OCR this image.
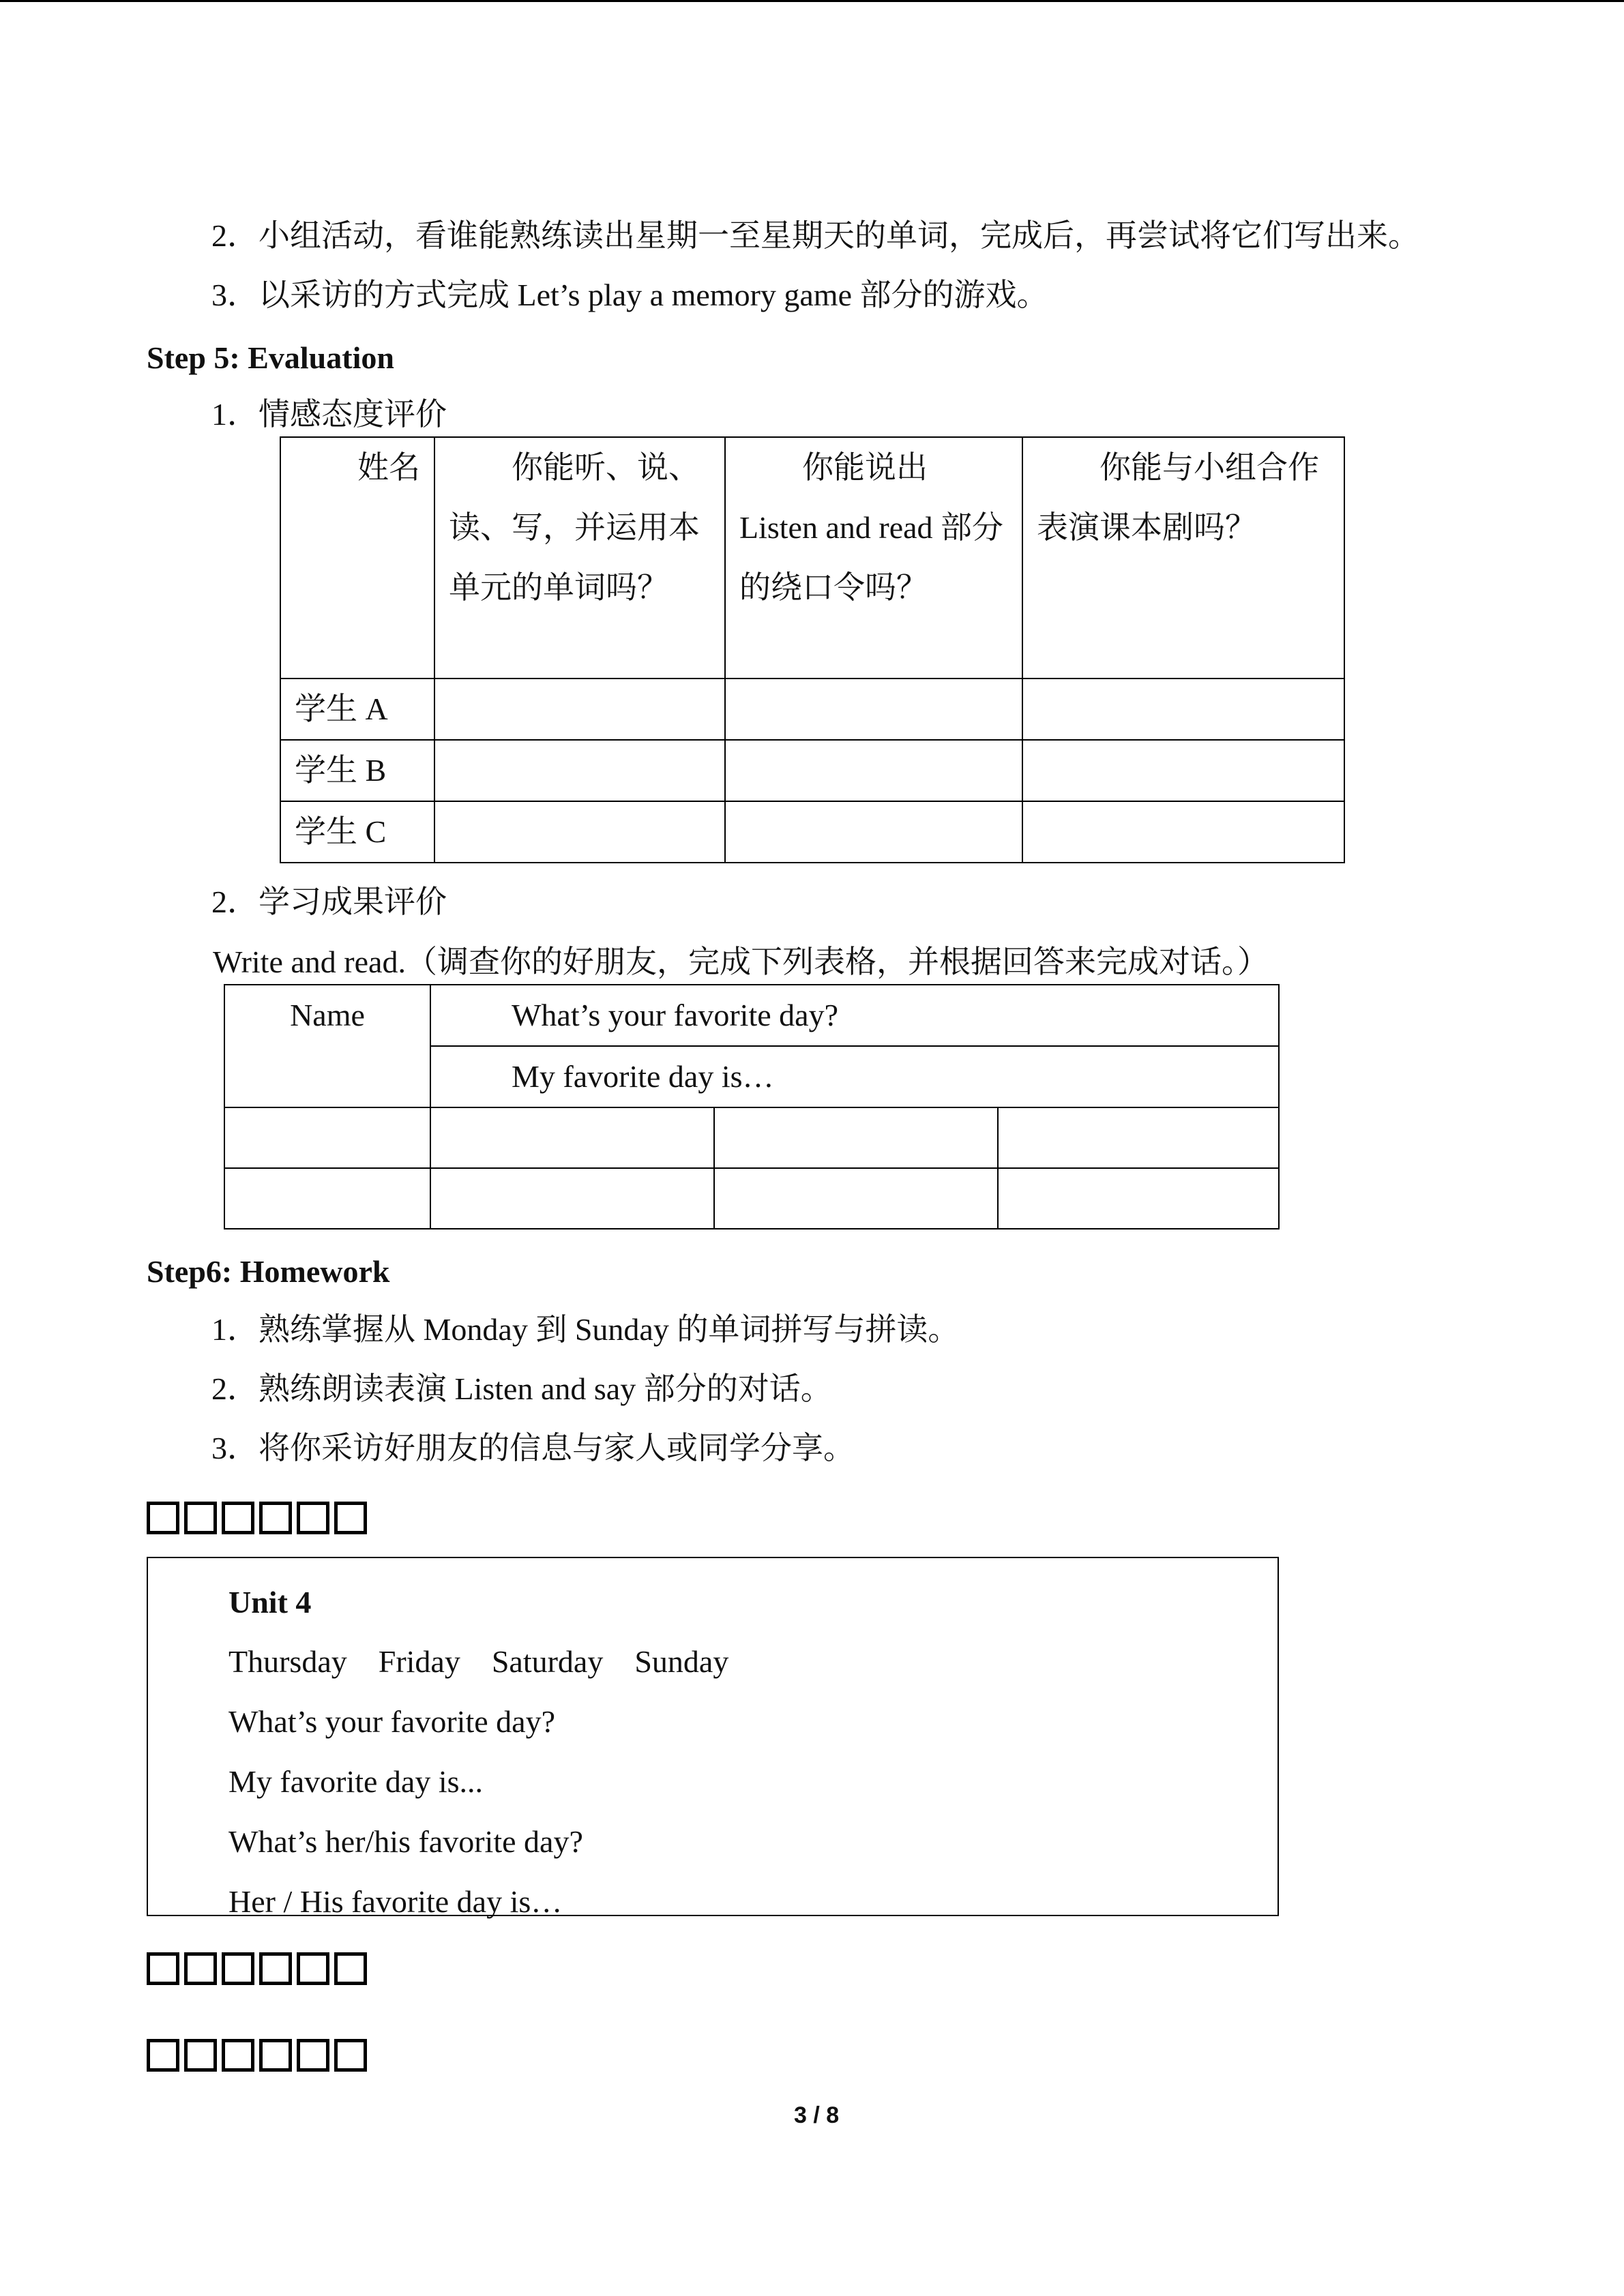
2．小组活动，看谁能熟练读出星期一至星期天的单词，完成后，再尝试将它们写出来。
3．以采访的方式完成 Let’s play a memory game 部分的游戏。
Step 5: Evaluation
1．情感态度评价
姓名	你能听、说、读、写，并运用本单元的单词吗？	你能说出 Listen and read 部分的绕口令吗？	你能与小组合作表演课本剧吗？

学生 A			
学生 B			
学生 C			
2．学习成果评价
Write and read.（调查你的好朋友，完成下列表格，并根据回答来完成对话。）
Name	What’s your favorite day?		
	My favorite day is…		

Step6: Homework
1．熟练掌握从 Monday 到 Sunday 的单词拼写与拼读。
2．熟练朗读表演 Listen and say 部分的对话。
3．将你采访好朋友的信息与家人或同学分享。
Unit 4
Thursday    Friday    Saturday    Sunday
What’s your favorite day?
My favorite day is...
What’s her/his favorite day?
Her / His favorite day is…
3 / 8
